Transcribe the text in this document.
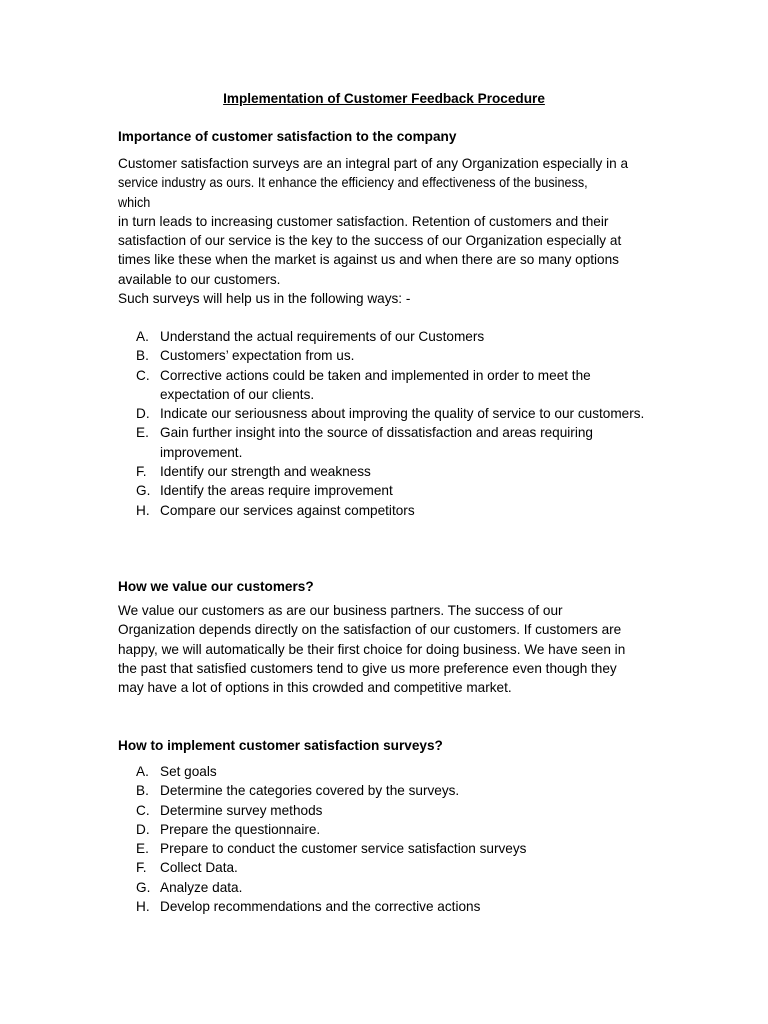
Implementation of Customer Feedback Procedure
Importance of customer satisfaction to the company
Customer satisfaction surveys are an integral part of any Organization especially in a
service industry as ours. It enhance the efficiency and effectiveness of the business, which
in turn leads to increasing customer satisfaction. Retention of customers and their
satisfaction of our service is the key to the success of our Organization especially at
times like these when the market is against us and when there are so many options
available to our customers.
Such surveys will help us in the following ways: -
A. Understand the actual requirements of our Customers
B. Customers’ expectation from us.
C. Corrective actions could be taken and implemented in order to meet the expectation of our clients.
D. Indicate our seriousness about improving the quality of service to our customers.
E. Gain further insight into the source of dissatisfaction and areas requiring improvement.
F. Identify our strength and weakness
G. Identify the areas require improvement
H. Compare our services against competitors
How we value our customers?
We value our customers as are our business partners. The success of our
Organization depends directly on the satisfaction of our customers. If customers are
happy, we will automatically be their first choice for doing business. We have seen in
the past that satisfied customers tend to give us more preference even though they
may have a lot of options in this crowded and competitive market.
How to implement customer satisfaction surveys?
A. Set goals
B. Determine the categories covered by the surveys.
C. Determine survey methods
D. Prepare the questionnaire.
E. Prepare to conduct the customer service satisfaction surveys
F. Collect Data.
G. Analyze data.
H. Develop recommendations and the corrective actions
